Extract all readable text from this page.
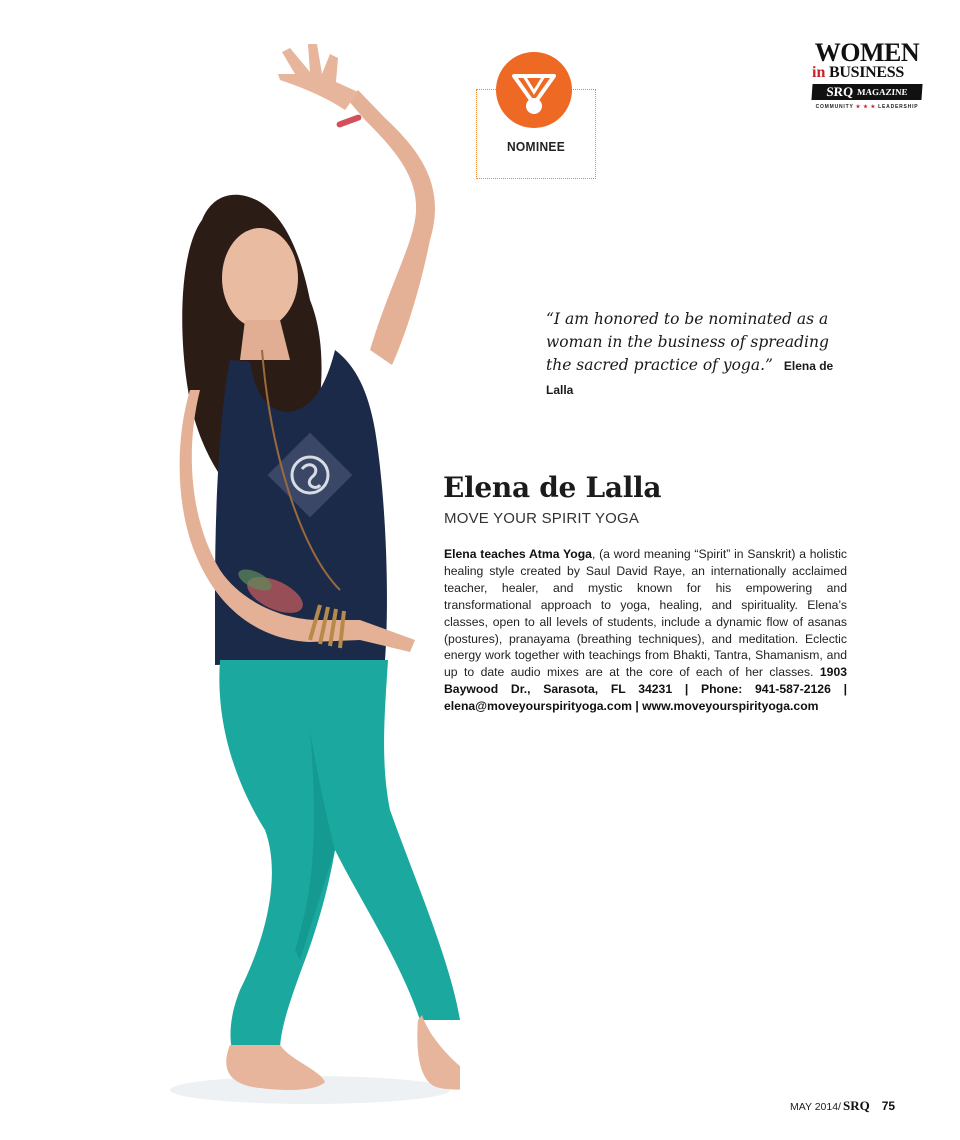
NOMINEE
WOMEN
in BUSINESS
SRQ MAGAZINE
COMMUNITY ★ ★ ★ LEADERSHIP
“I am honored to be nominated as a woman in the business of spreading the sacred practice of yoga.” Elena de Lalla
Elena de Lalla
MOVE YOUR SPIRIT YOGA
Elena teaches Atma Yoga, (a word meaning “Spirit” in Sanskrit) a holistic healing style created by Saul David Raye, an internationally acclaimed teacher, healer, and mystic known for his empowering and transformational approach to yoga, healing, and spirituality. Elena’s classes, open to all levels of students, include a dynamic flow of asanas (postures), pranayama (breathing techniques), and meditation. Eclectic energy work together with teachings from Bhakti, Tantra, Shamanism, and up to date audio mixes are at the core of each of her classes. 1903 Baywood Dr., Sarasota, FL 34231 | Phone: 941-587-2126 | elena@moveyourspirityoga.com | www.moveyourspirityoga.com
MAY 2014/ SRQ 75
